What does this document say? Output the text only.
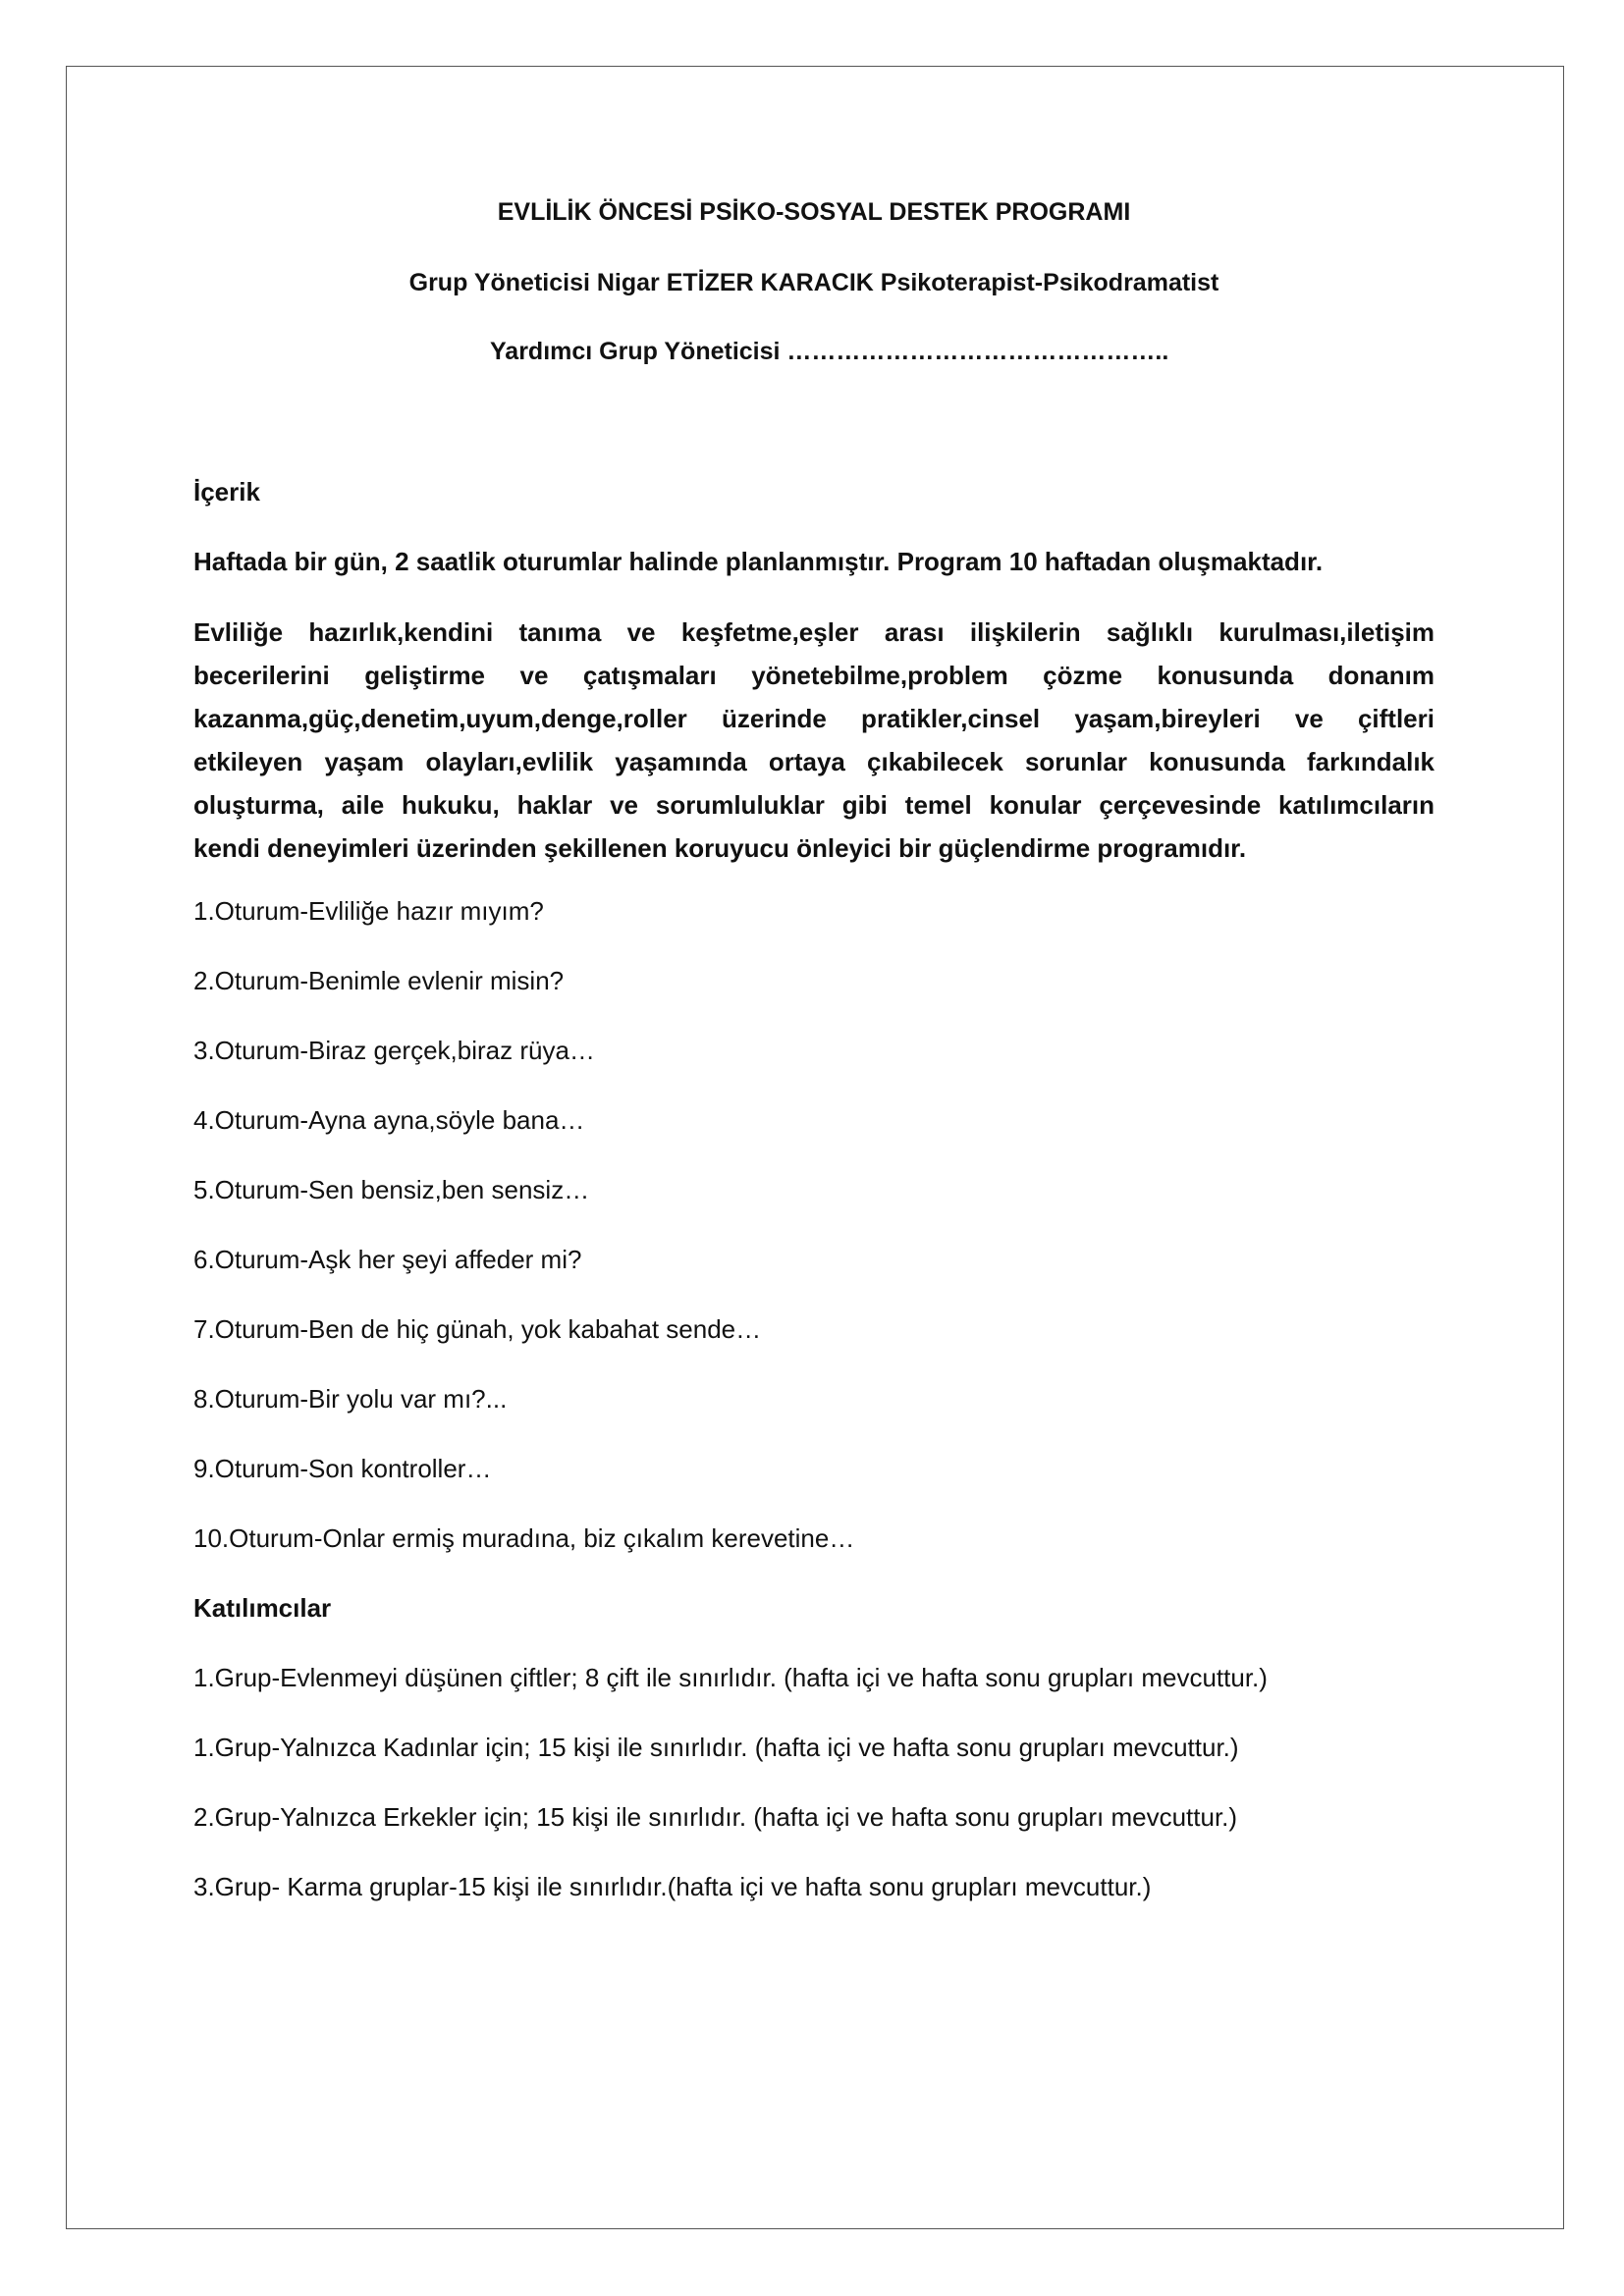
EVLİLİK ÖNCESİ PSİKO-SOSYAL DESTEK PROGRAMI
Grup Yöneticisi Nigar ETİZER KARACIK Psikoterapist-Psikodramatist
Yardımcı Grup Yöneticisi ………………………………………..
İçerik
Haftada bir gün, 2 saatlik oturumlar halinde planlanmıştır. Program 10 haftadan oluşmaktadır.
Evliliğe hazırlık,kendini tanıma ve keşfetme,eşler arası ilişkilerin sağlıklı kurulması,iletişim
becerilerini geliştirme ve çatışmaları yönetebilme,problem çözme konusunda donanım
kazanma,güç,denetim,uyum,denge,roller üzerinde pratikler,cinsel yaşam,bireyleri ve çiftleri
etkileyen yaşam olayları,evlilik yaşamında ortaya çıkabilecek sorunlar konusunda farkındalık
oluşturma, aile hukuku, haklar ve sorumluluklar gibi temel konular çerçevesinde katılımcıların
kendi deneyimleri üzerinden şekillenen koruyucu önleyici bir güçlendirme programıdır.
1.Oturum-Evliliğe hazır mıyım?
2.Oturum-Benimle evlenir misin?
3.Oturum-Biraz gerçek,biraz rüya…
4.Oturum-Ayna ayna,söyle bana…
5.Oturum-Sen bensiz,ben sensiz…
6.Oturum-Aşk her şeyi affeder mi?
7.Oturum-Ben de hiç günah, yok kabahat sende…
8.Oturum-Bir yolu var mı?...
9.Oturum-Son kontroller…
10.Oturum-Onlar ermiş muradına, biz çıkalım kerevetine…
Katılımcılar
1.Grup-Evlenmeyi düşünen çiftler; 8 çift ile sınırlıdır. (hafta içi ve hafta sonu grupları mevcuttur.)
1.Grup-Yalnızca Kadınlar için; 15 kişi ile sınırlıdır. (hafta içi ve hafta sonu grupları mevcuttur.)
2.Grup-Yalnızca Erkekler için; 15 kişi ile sınırlıdır. (hafta içi ve hafta sonu grupları mevcuttur.)
3.Grup- Karma gruplar-15 kişi ile sınırlıdır.(hafta içi ve hafta sonu grupları mevcuttur.)
